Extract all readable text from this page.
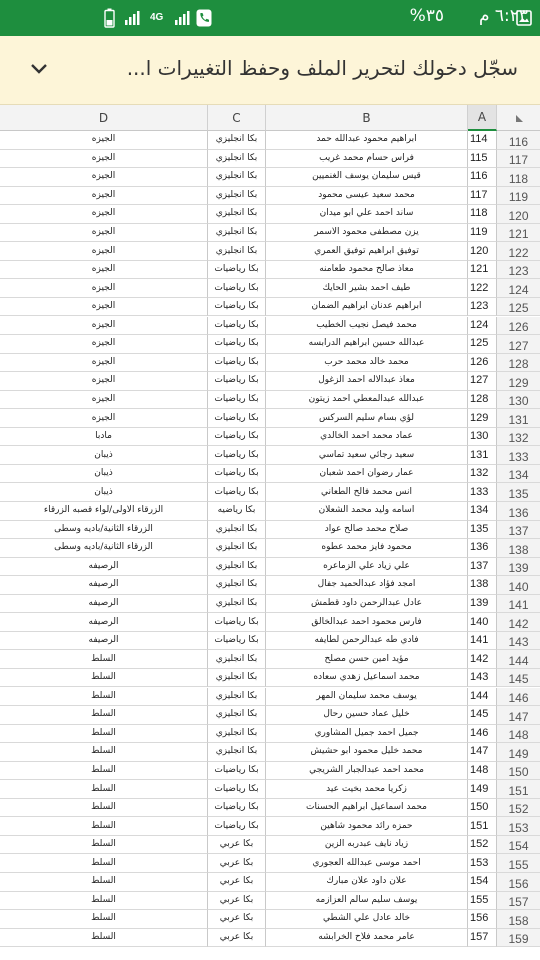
4G	%٣٥ ٦:٢٣ م
سجّل دخولك لتحرير الملف وحفظ التغييرات ا...
D	C	B	A
الجيزه	بكا انجليزي	ابراهيم محمود عبدالله حمد	114	116
الجيزه	بكا انجليزي	فراس حسام محمد غريب	115	117
الجيزه	بكا انجليزي	قيس سليمان يوسف الغنميين	116	118
الجيزه	بكا انجليزي	محمد سعيد عيسى محمود	117	119
الجيزه	بكا انجليزي	ساند احمد علي ابو ميدان	118	120
الجيزه	بكا انجليزي	يزن مصطفى محمود الاسمر	119	121
الجيزه	بكا انجليزي	توفيق ابراهيم توفيق العمري	120	122
الجيزه	بكا رياضيات	معاذ صالح محمود طعامنه	121	123
الجيزه	بكا رياضيات	طيف احمد بشير الحايك	122	124
الجيزه	بكا رياضيات	ابراهيم عدنان ابراهيم الضمان	123	125
الجيزه	بكا رياضيات	محمد فيصل نجيب الخطيب	124	126
الجيزه	بكا رياضيات	عبدالله حسين ابراهيم الدرابسه	125	127
الجيزه	بكا رياضيات	محمد خالد محمد حرب	126	128
الجيزه	بكا رياضيات	معاذ عبدالاله احمد الزغول	127	129
الجيزه	بكا رياضيات	عبدالله عبدالمعطي احمد زيتون	128	130
الجيزه	بكا رياضيات	لؤي بسام سليم السركس	129	131
مادبا	بكا رياضيات	عماد محمد احمد الخالدي	130	132
ذيبان	بكا رياضيات	سعيد رجائي سعيد تماسي	131	133
ذيبان	بكا رياضيات	عمار رضوان احمد شعبان	132	134
ذيبان	بكا رياضيات	انس محمد فالح الطعاني	133	135
الزرقاء الاولى/لواء قصبه الزرقاء	بكا رياضيه	اسامه وليد محمد الشعلان	134	136
الزرقاء الثانية/باديه وسطى	بكا انجليزي	صلاح محمد صالح عواد	135	137
الزرقاء الثانية/باديه وسطى	بكا انجليزي	محمود فايز محمد عطوه	136	138
الرصيفه	بكا انجليزي	علي زياد علي الزماعره	137	139
الرصيفه	بكا انجليزي	امجد فؤاد عبدالحميد جفال	138	140
الرصيفه	بكا انجليزي	عادل عبدالرحمن داود قطمش	139	141
الرصيفه	بكا رياضيات	فارس محمود احمد عبدالخالق	140	142
الرصيفه	بكا رياضيات	فادي طه عبدالرحمن لطايفه	141	143
السلط	بكا انجليزي	مؤيد امين حسن مصلح	142	144
السلط	بكا انجليزي	محمد اسماعيل زهدي سعاده	143	145
السلط	بكا انجليزي	يوسف محمد سليمان المهر	144	146
السلط	بكا انجليزي	خليل عماد حسين رحال	145	147
السلط	بكا انجليزي	جميل احمد جميل المشاوري	146	148
السلط	بكا انجليزي	محمد خليل محمود ابو حشيش	147	149
السلط	بكا رياضيات	محمد احمد عبدالجبار الشريجي	148	150
السلط	بكا رياضيات	زكريا محمد بخيت عيد	149	151
السلط	بكا رياضيات	محمد اسماعيل ابراهيم الحسنات	150	152
السلط	بكا رياضيات	حمزه رائد محمود شاهين	151	153
السلط	بكا عربي	زياد نايف عبدربه الزين	152	154
السلط	بكا عربي	احمد موسى عبدالله العجوري	153	155
السلط	بكا عربي	علان داود علان مبارك	154	156
السلط	بكا عربي	يوسف سليم سالم العزازمه	155	157
السلط	بكا عربي	خالد عادل علي الشطي	156	158
السلط	بكا عربي	عامر محمد فلاح الخرابشه	157	159
